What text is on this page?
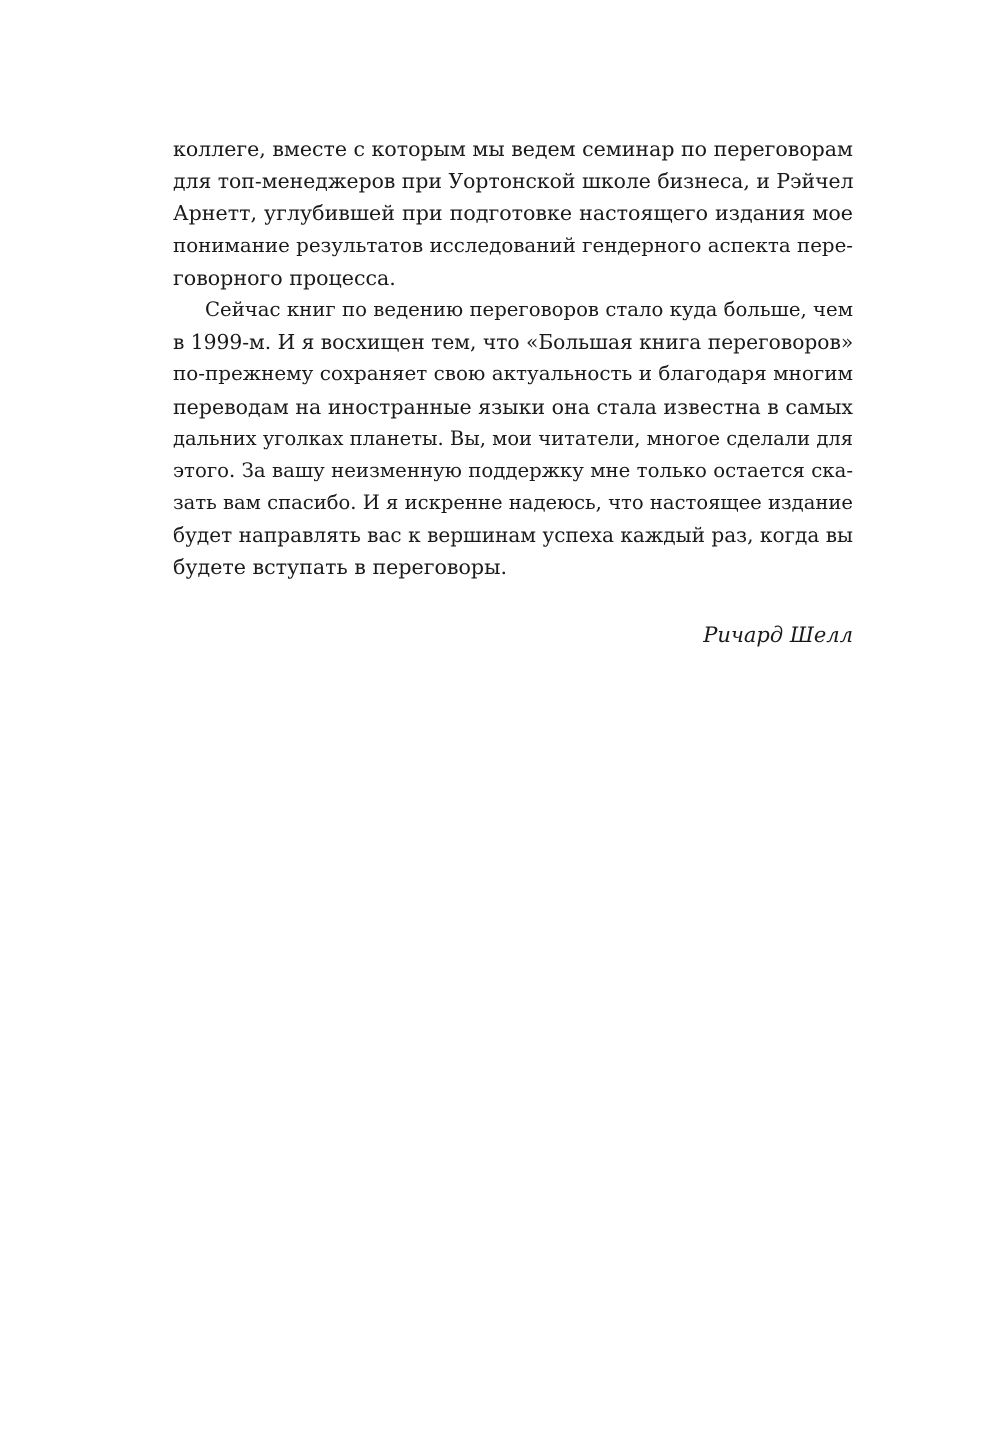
коллеге, вместе с которым мы ведем семинар по переговорам
для топ-менеджеров при Уортонской школе бизнеса, и Рэйчел
Арнетт, углубившей при подготовке настоящего издания мое
понимание результатов исследований гендерного аспекта пере-
говорного процесса.
Сейчас книг по ведению переговоров стало куда больше, чем
в 1999-м. И я восхищен тем, что «Большая книга переговоров»
по-прежнему сохраняет свою актуальность и благодаря многим
переводам на иностранные языки она стала известна в самых
дальних уголках планеты. Вы, мои читатели, многое сделали для
этого. За вашу неизменную поддержку мне только остается ска-
зать вам спасибо. И я искренне надеюсь, что настоящее издание
будет направлять вас к вершинам успеха каждый раз, когда вы
будете вступать в переговоры.
Ричард Шелл
